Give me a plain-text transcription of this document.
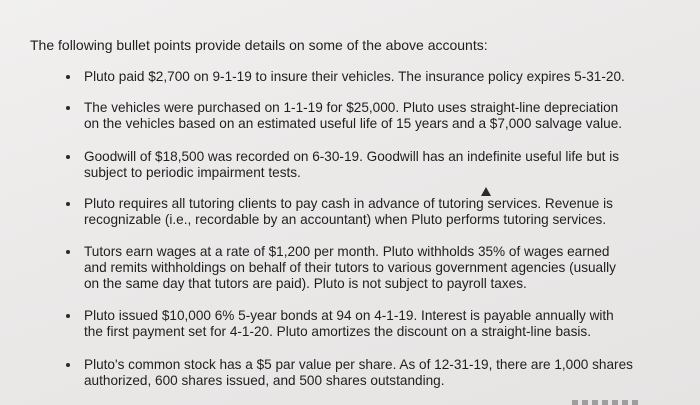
The following bullet points provide details on some of the above accounts:
Pluto paid $2,700 on 9-1-19 to insure their vehicles. The insurance policy expires 5-31-20.
The vehicles were purchased on 1-1-19 for $25,000. Pluto uses straight-line depreciation
on the vehicles based on an estimated useful life of 15 years and a $7,000 salvage value.
Goodwill of $18,500 was recorded on 6-30-19. Goodwill has an indefinite useful life but is
subject to periodic impairment tests.
Pluto requires all tutoring clients to pay cash in advance of tutoring services. Revenue is
recognizable (i.e., recordable by an accountant) when Pluto performs tutoring services.
Tutors earn wages at a rate of $1,200 per month. Pluto withholds 35% of wages earned
and remits withholdings on behalf of their tutors to various government agencies (usually
on the same day that tutors are paid). Pluto is not subject to payroll taxes.
Pluto issued $10,000 6% 5-year bonds at 94 on 4-1-19. Interest is payable annually with
the first payment set for 4-1-20. Pluto amortizes the discount on a straight-line basis.
Pluto's common stock has a $5 par value per share. As of 12-31-19, there are 1,000 shares
authorized, 600 shares issued, and 500 shares outstanding.
